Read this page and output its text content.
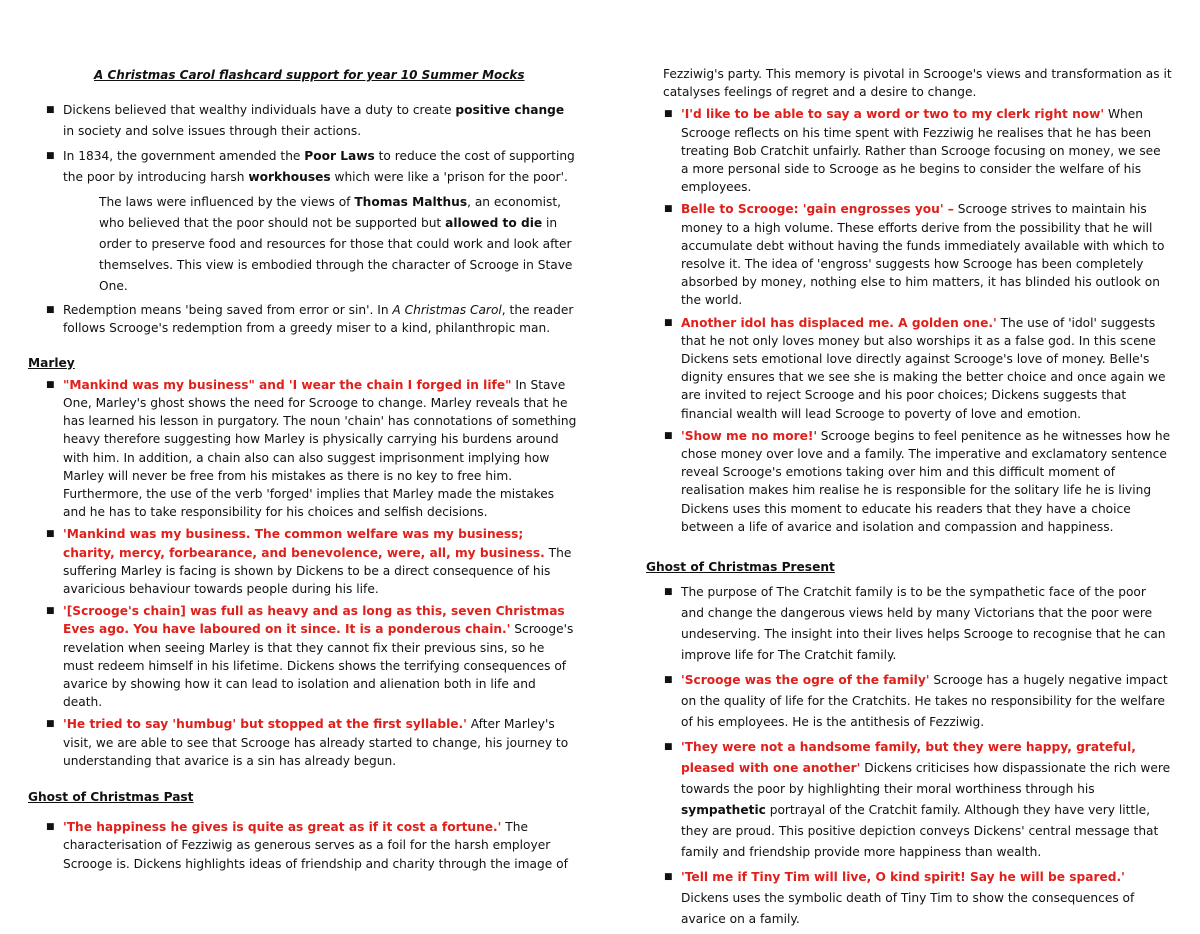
A Christmas Carol flashcard support for year 10 Summer Mocks
■ Dickens believed that wealthy individuals have a duty to create positive change in society and solve issues through their actions.
■ In 1834, the government amended the Poor Laws to reduce the cost of supporting the poor by introducing harsh workhouses which were like a 'prison for the poor'.
The laws were influenced by the views of Thomas Malthus, an economist, who believed that the poor should not be supported but allowed to die in order to preserve food and resources for those that could work and look after themselves. This view is embodied through the character of Scrooge in Stave One.
■ Redemption means 'being saved from error or sin'. In A Christmas Carol, the reader follows Scrooge's redemption from a greedy miser to a kind, philanthropic man.
Marley
■ "Mankind was my business" and 'I wear the chain I forged in life" In Stave One, Marley's ghost shows the need for Scrooge to change. Marley reveals that he has learned his lesson in purgatory. The noun 'chain' has connotations of something heavy therefore suggesting how Marley is physically carrying his burdens around with him. In addition, a chain also can also suggest imprisonment implying how Marley will never be free from his mistakes as there is no key to free him. Furthermore, the use of the verb 'forged' implies that Marley made the mistakes and he has to take responsibility for his choices and selfish decisions.
■ 'Mankind was my business. The common welfare was my business; charity, mercy, forbearance, and benevolence, were, all, my business. The suffering Marley is facing is shown by Dickens to be a direct consequence of his avaricious behaviour towards people during his life.
■ '[Scrooge's chain] was full as heavy and as long as this, seven Christmas Eves ago. You have laboured on it since. It is a ponderous chain.' Scrooge's revelation when seeing Marley is that they cannot fix their previous sins, so he must redeem himself in his lifetime. Dickens shows the terrifying consequences of avarice by showing how it can lead to isolation and alienation both in life and death.
■ 'He tried to say 'humbug' but stopped at the first syllable.' After Marley's visit, we are able to see that Scrooge has already started to change, his journey to understanding that avarice is a sin has already begun.
Ghost of Christmas Past
■ 'The happiness he gives is quite as great as if it cost a fortune.' The characterisation of Fezziwig as generous serves as a foil for the harsh employer Scrooge is. Dickens highlights ideas of friendship and charity through the image of
Fezziwig's party. This memory is pivotal in Scrooge's views and transformation as it catalyses feelings of regret and a desire to change.
■ 'I'd like to be able to say a word or two to my clerk right now' When Scrooge reflects on his time spent with Fezziwig he realises that he has been treating Bob Cratchit unfairly. Rather than Scrooge focusing on money, we see a more personal side to Scrooge as he begins to consider the welfare of his employees.
■ Belle to Scrooge: 'gain engrosses you' – Scrooge strives to maintain his money to a high volume. These efforts derive from the possibility that he will accumulate debt without having the funds immediately available with which to resolve it. The idea of 'engross' suggests how Scrooge has been completely absorbed by money, nothing else to him matters, it has blinded his outlook on the world.
■ Another idol has displaced me. A golden one.' The use of 'idol' suggests that he not only loves money but also worships it as a false god. In this scene Dickens sets emotional love directly against Scrooge's love of money. Belle's dignity ensures that we see she is making the better choice and once again we are invited to reject Scrooge and his poor choices; Dickens suggests that financial wealth will lead Scrooge to poverty of love and emotion.
■ 'Show me no more!' Scrooge begins to feel penitence as he witnesses how he chose money over love and a family. The imperative and exclamatory sentence reveal Scrooge's emotions taking over him and this difficult moment of realisation makes him realise he is responsible for the solitary life he is living Dickens uses this moment to educate his readers that they have a choice between a life of avarice and isolation and compassion and happiness.
Ghost of Christmas Present
■ The purpose of The Cratchit family is to be the sympathetic face of the poor and change the dangerous views held by many Victorians that the poor were undeserving. The insight into their lives helps Scrooge to recognise that he can improve life for The Cratchit family.
■ 'Scrooge was the ogre of the family' Scrooge has a hugely negative impact on the quality of life for the Cratchits. He takes no responsibility for the welfare of his employees. He is the antithesis of Fezziwig.
■ 'They were not a handsome family, but they were happy, grateful, pleased with one another' Dickens criticises how dispassionate the rich were towards the poor by highlighting their moral worthiness through his sympathetic portrayal of the Cratchit family. Although they have very little, they are proud. This positive depiction conveys Dickens' central message that family and friendship provide more happiness than wealth.
■ 'Tell me if Tiny Tim will live, O kind spirit! Say he will be spared.' Dickens uses the symbolic death of Tiny Tim to show the consequences of avarice on a family.
